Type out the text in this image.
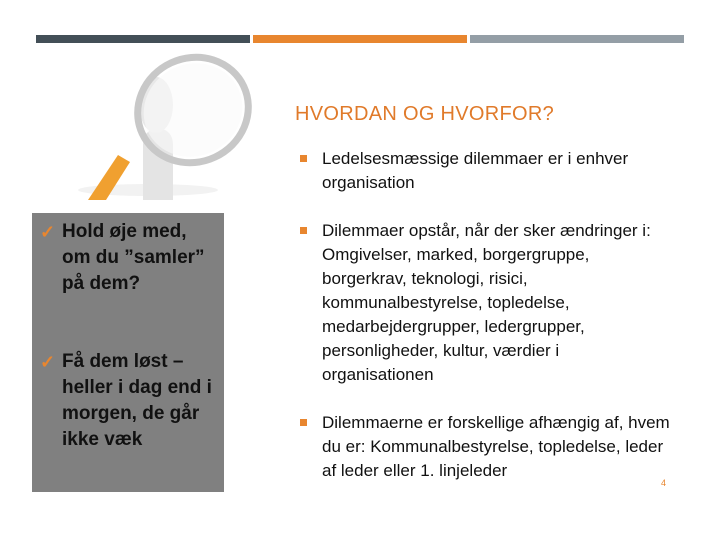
✓ Hold øje med, om du ”samler” på dem?
✓ Få dem løst – heller i dag end i morgen, de går ikke væk
HVORDAN OG HVORFOR?
Ledelsesmæssige dilemmaer er i enhver organisation
Dilemmaer opstår, når der sker ændringer i: Omgivelser, marked, borgergruppe, borgerkrav, teknologi, risici, kommunalbestyrelse, topledelse, medarbejdergrupper, ledergrupper, personligheder, kultur, værdier i organisationen
Dilemmaerne er forskellige afhængig af, hvem du er: Kommunalbestyrelse, topledelse, leder af leder eller 1. linjeleder
4
